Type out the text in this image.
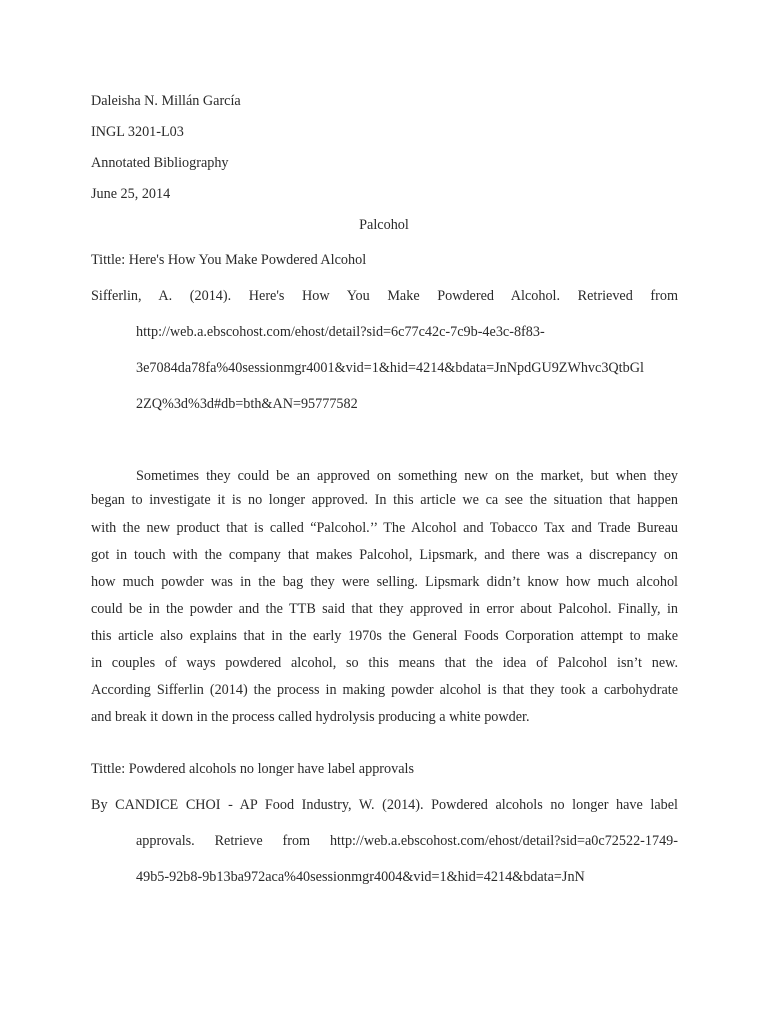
Daleisha N. Millán García
INGL 3201-L03
Annotated Bibliography
June 25, 2014
Palcohol
Tittle: Here's How You Make Powdered Alcohol
Sifferlin, A. (2014). Here's How You Make Powdered Alcohol. Retrieved from
http://web.a.ebscohost.com/ehost/detail?sid=6c77c42c-7c9b-4e3c-8f83-
3e7084da78fa%40sessionmgr4001&vid=1&hid=4214&bdata=JnNpdGU9ZWhvc3QtbGl
2ZQ%3d%3d#db=bth&AN=95777582
Sometimes they could be an approved on something new on the market, but when they
began to investigate it is no longer approved. In this article we ca see the situation that happen
with the new product that is called “Palcohol.’’ The Alcohol and Tobacco Tax and Trade Bureau
got in touch with the company that makes Palcohol, Lipsmark, and there was a discrepancy on
how much powder was in the bag they were selling. Lipsmark didn’t know how much alcohol
could be in the powder and the TTB said that they approved in error about Palcohol. Finally, in
this article also explains that in the early 1970s the General Foods Corporation attempt to make
in couples of ways powdered alcohol, so this means that the idea of Palcohol isn’t new.
According Sifferlin (2014) the process in making powder alcohol is that they took a carbohydrate
and break it down in the process called hydrolysis producing a white powder.
Tittle: Powdered alcohols no longer have label approvals
By CANDICE CHOI - AP Food Industry, W. (2014). Powdered alcohols no longer have label
approvals. Retrieve from http://web.a.ebscohost.com/ehost/detail?sid=a0c72522-1749-
49b5-92b8-9b13ba972aca%40sessionmgr4004&vid=1&hid=4214&bdata=JnN
